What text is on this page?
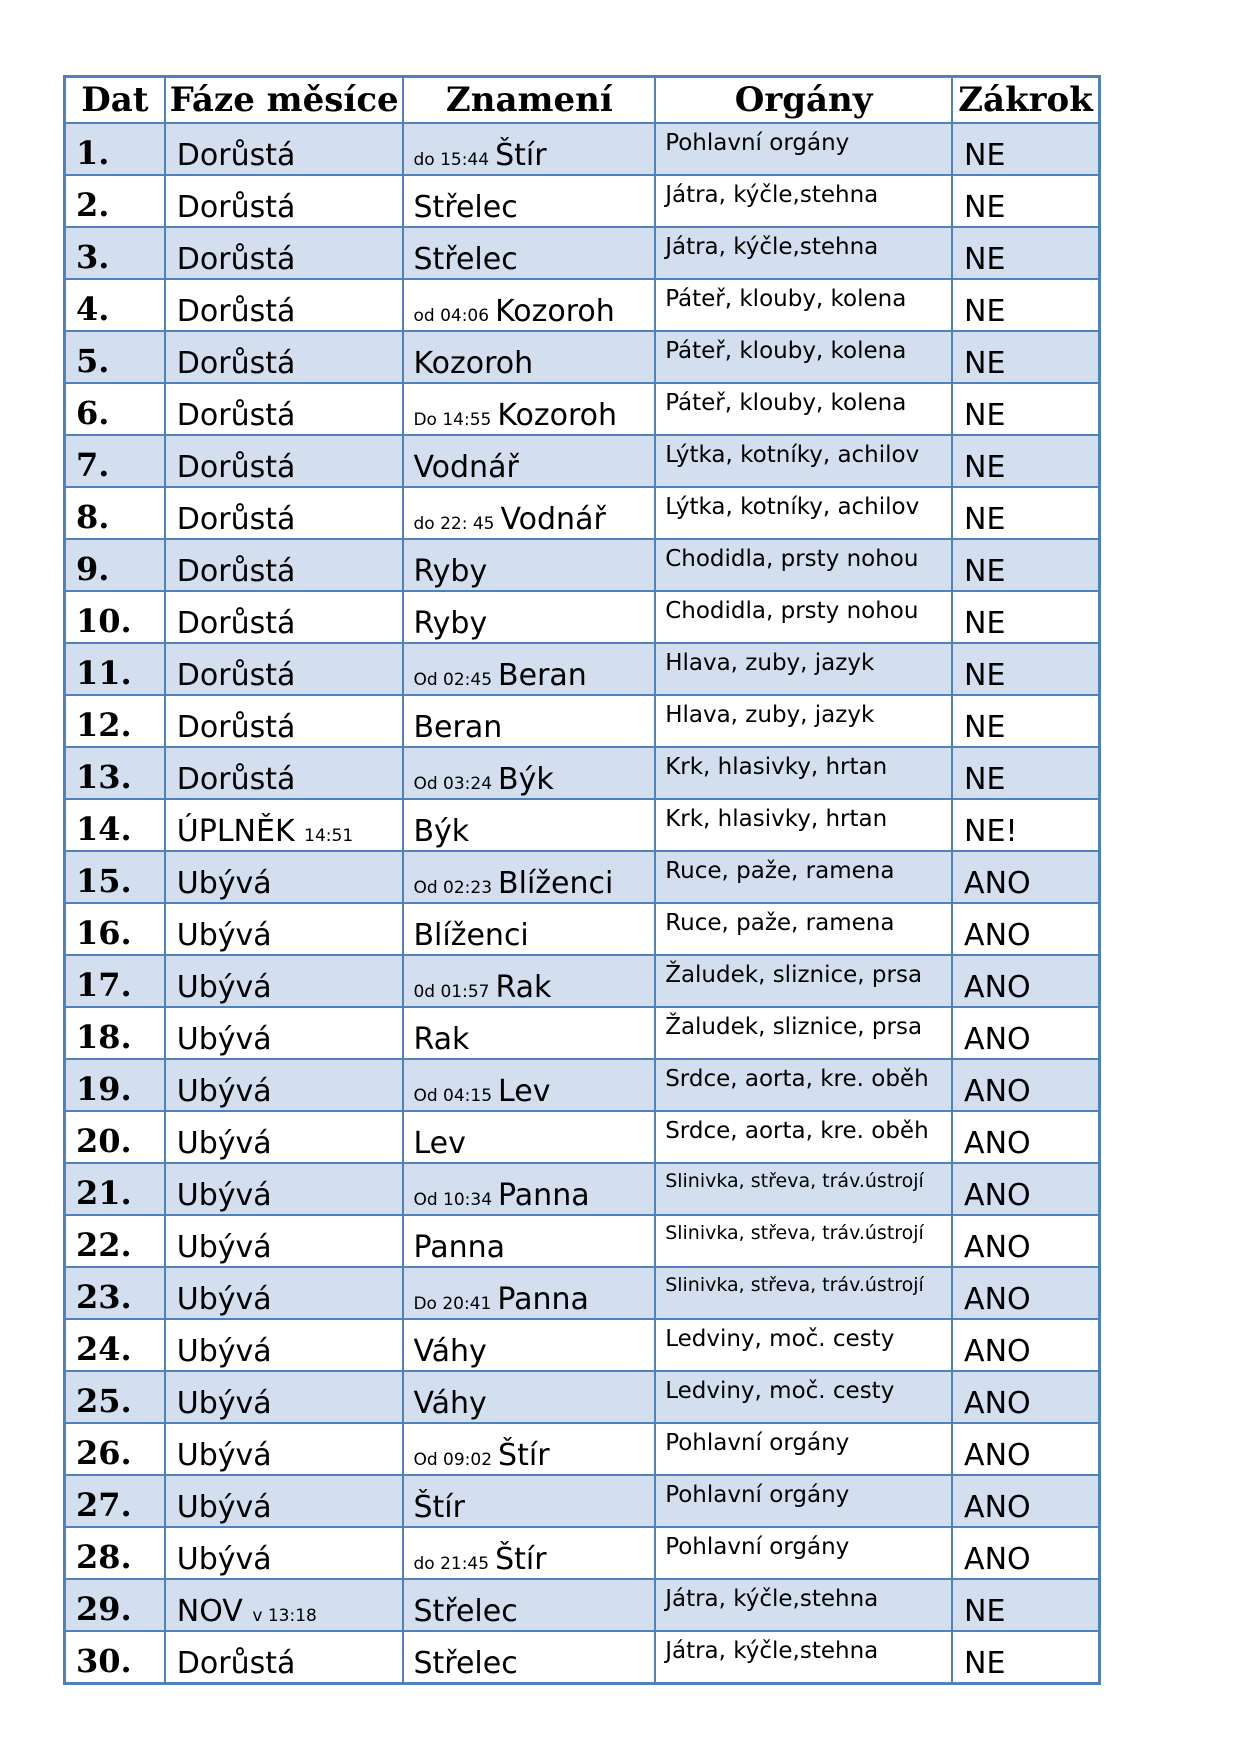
Dat	Fáze měsíce	Znamení	Orgány	Zákrok
1.	Dorůstá	do 15:44 Štír	Pohlavní orgány	NE
2.	Dorůstá	Střelec	Játra, kýčle,stehna	NE
3.	Dorůstá	Střelec	Játra, kýčle,stehna	NE
4.	Dorůstá	od 04:06 Kozoroh	Páteř, klouby, kolena	NE
5.	Dorůstá	Kozoroh	Páteř, klouby, kolena	NE
6.	Dorůstá	Do 14:55 Kozoroh	Páteř, klouby, kolena	NE
7.	Dorůstá	Vodnář	Lýtka, kotníky, achilov	NE
8.	Dorůstá	do 22: 45 Vodnář	Lýtka, kotníky, achilov	NE
9.	Dorůstá	Ryby	Chodidla, prsty nohou	NE
10.	Dorůstá	Ryby	Chodidla, prsty nohou	NE
11.	Dorůstá	Od 02:45 Beran	Hlava, zuby, jazyk	NE
12.	Dorůstá	Beran	Hlava, zuby, jazyk	NE
13.	Dorůstá	Od 03:24 Býk	Krk, hlasivky, hrtan	NE
14.	ÚPLNĚK 14:51	Býk	Krk, hlasivky, hrtan	NE!
15.	Ubývá	Od 02:23 Blíženci	Ruce, paže, ramena	ANO
16.	Ubývá	Blíženci	Ruce, paže, ramena	ANO
17.	Ubývá	0d 01:57 Rak	Žaludek, sliznice, prsa	ANO
18.	Ubývá	Rak	Žaludek, sliznice, prsa	ANO
19.	Ubývá	Od 04:15 Lev	Srdce, aorta, kre. oběh	ANO
20.	Ubývá	Lev	Srdce, aorta, kre. oběh	ANO
21.	Ubývá	Od 10:34 Panna	Slinivka, střeva, tráv.ústrojí	ANO
22.	Ubývá	Panna	Slinivka, střeva, tráv.ústrojí	ANO
23.	Ubývá	Do 20:41 Panna	Slinivka, střeva, tráv.ústrojí	ANO
24.	Ubývá	Váhy	Ledviny, moč. cesty	ANO
25.	Ubývá	Váhy	Ledviny, moč. cesty	ANO
26.	Ubývá	Od 09:02 Štír	Pohlavní orgány	ANO
27.	Ubývá	Štír	Pohlavní orgány	ANO
28.	Ubývá	do 21:45 Štír	Pohlavní orgány	ANO
29.	NOV v 13:18	Střelec	Játra, kýčle,stehna	NE
30.	Dorůstá	Střelec	Játra, kýčle,stehna	NE
